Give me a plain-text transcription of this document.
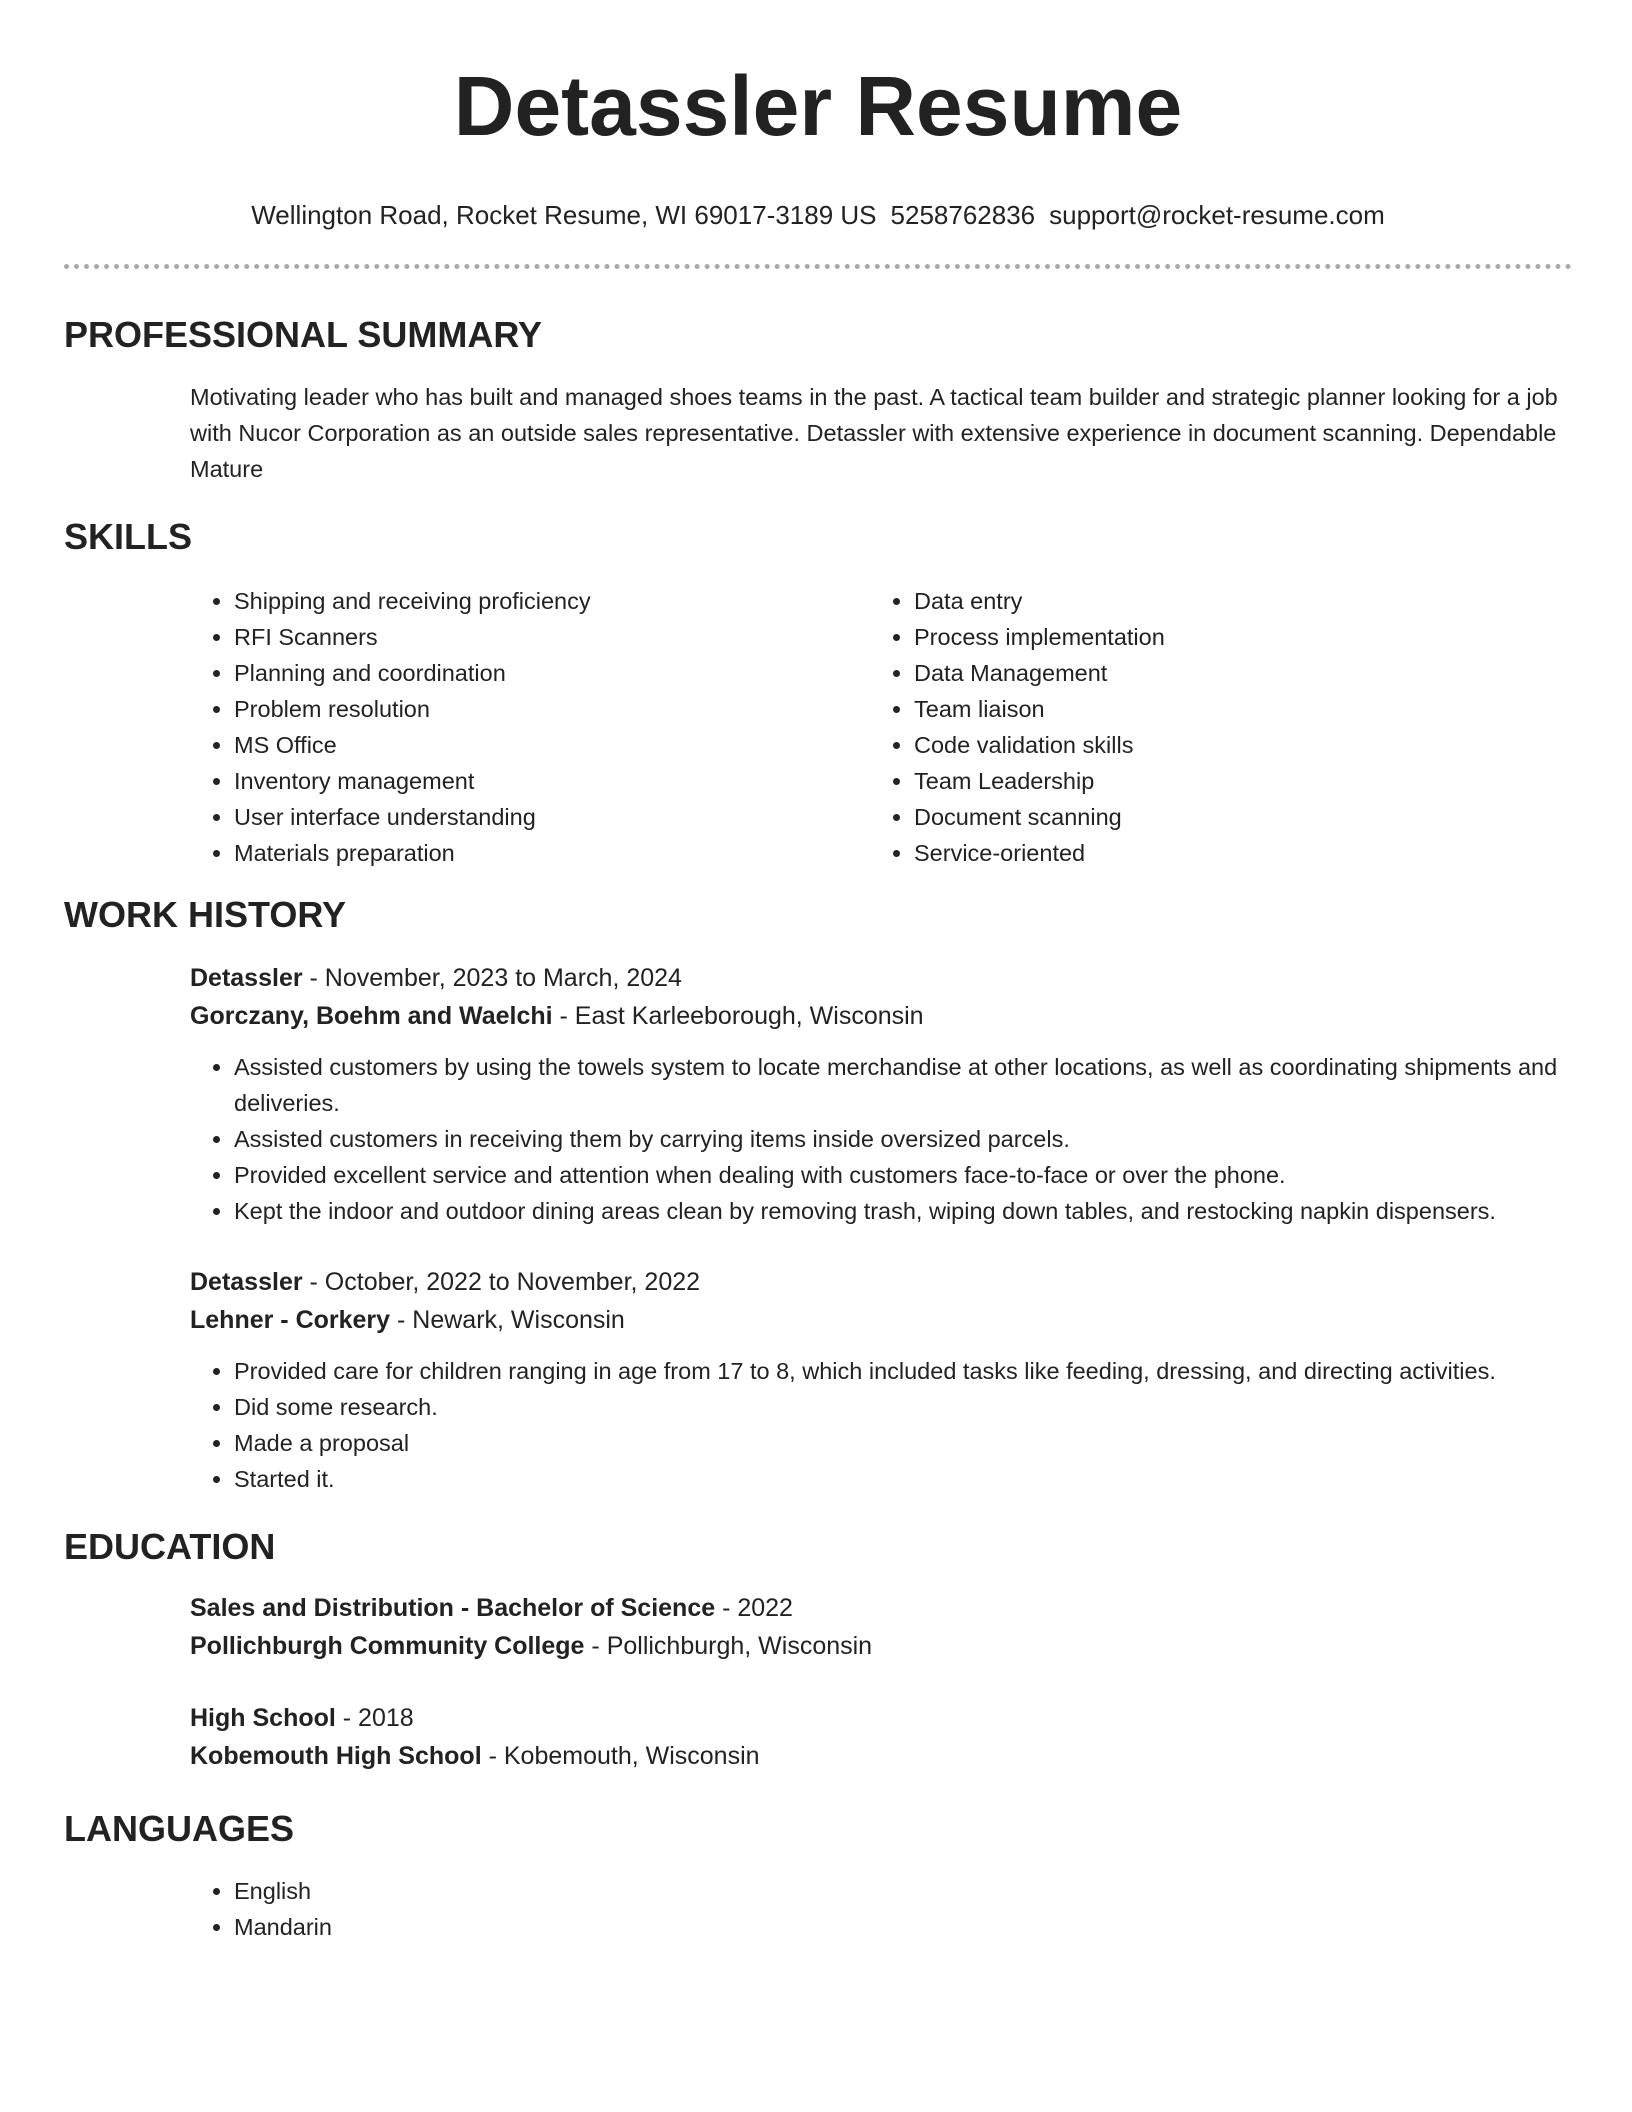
Detassler Resume
Wellington Road, Rocket Resume, WI 69017-3189 US 5258762836 support@rocket-resume.com
PROFESSIONAL SUMMARY
Motivating leader who has built and managed shoes teams in the past. A tactical team builder and strategic planner looking for a job with Nucor Corporation as an outside sales representative. Detassler with extensive experience in document scanning. Dependable Mature
SKILLS
• Shipping and receiving proficiency
• RFI Scanners
• Planning and coordination
• Problem resolution
• MS Office
• Inventory management
• User interface understanding
• Materials preparation
• Data entry
• Process implementation
• Data Management
• Team liaison
• Code validation skills
• Team Leadership
• Document scanning
• Service-oriented
WORK HISTORY
Detassler - November, 2023 to March, 2024
Gorczany, Boehm and Waelchi - East Karleeborough, Wisconsin
• Assisted customers by using the towels system to locate merchandise at other locations, as well as coordinating shipments and deliveries.
• Assisted customers in receiving them by carrying items inside oversized parcels.
• Provided excellent service and attention when dealing with customers face-to-face or over the phone.
• Kept the indoor and outdoor dining areas clean by removing trash, wiping down tables, and restocking napkin dispensers.
Detassler - October, 2022 to November, 2022
Lehner - Corkery - Newark, Wisconsin
• Provided care for children ranging in age from 17 to 8, which included tasks like feeding, dressing, and directing activities.
• Did some research.
• Made a proposal
• Started it.
EDUCATION
Sales and Distribution - Bachelor of Science - 2022
Pollichburgh Community College - Pollichburgh, Wisconsin
High School - 2018
Kobemouth High School - Kobemouth, Wisconsin
LANGUAGES
• English
• Mandarin
